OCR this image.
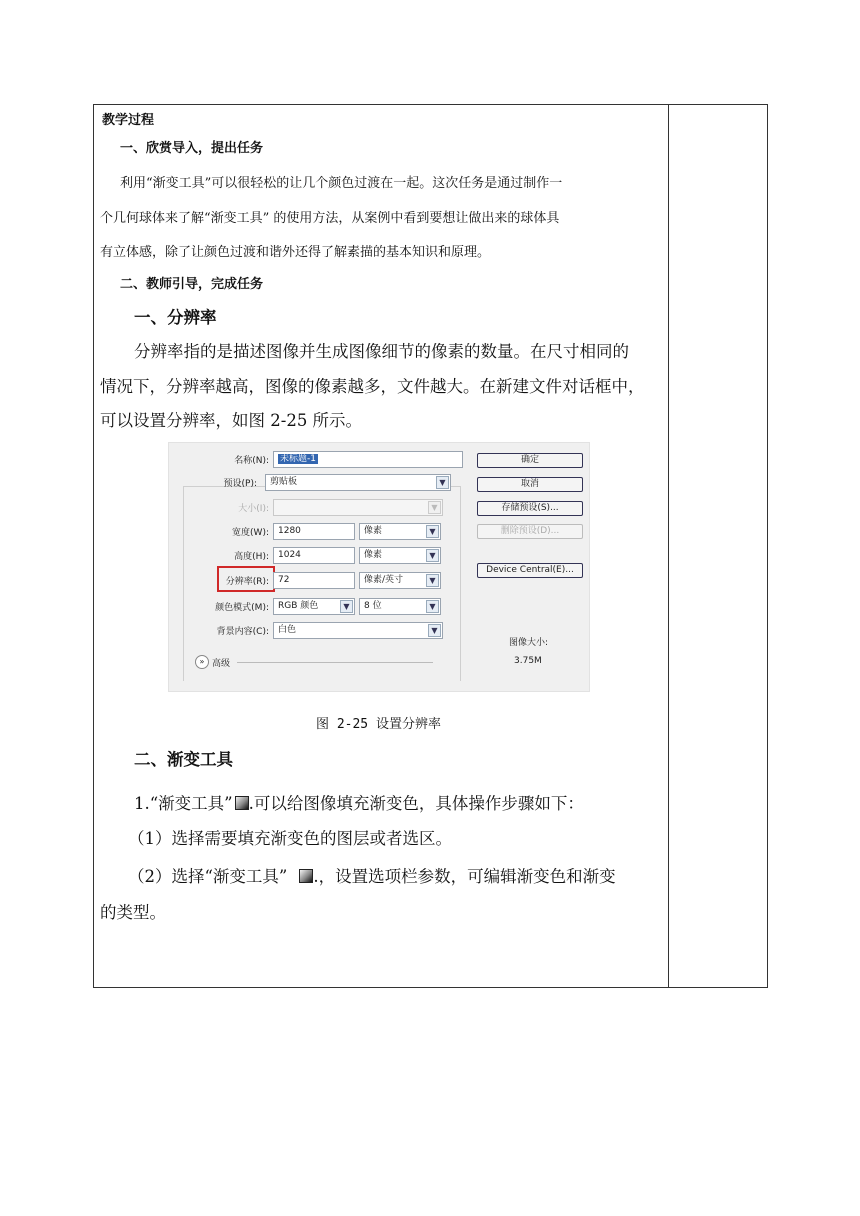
教学过程
一、欣赏导入，提出任务
利用“渐变工具”可以很轻松的让几个颜色过渡在一起。这次任务是通过制作一
个几何球体来了解“渐变工具” 的使用方法，从案例中看到要想让做出来的球体具
有立体感，除了让颜色过渡和谐外还得了解素描的基本知识和原理。
二、教师引导，完成任务
一、分辨率
分辨率指的是描述图像并生成图像细节的像素的数量。在尺寸相同的
情况下，分辨率越高，图像的像素越多，文件越大。在新建文件对话框中，
可以设置分辨率，如图 2-25 所示。
名称(N):	未标题-1
预设(P):	剪贴板	▼
大小(I):	▼
宽度(W):	1280	像素	▼
高度(H):	1024	像素	▼
分辨率(R):	72	像素/英寸	▼
颜色模式(M):	RGB 颜色	▼	8 位	▼
背景内容(C):	白色	▼
» 高级
确定
取消
存储预设(S)...
删除预设(D)...
Device Central(E)...
图像大小:
3.75M
图 2-25 设置分辨率
二、渐变工具
1.“渐变工具” .可以给图像填充渐变色，具体操作步骤如下：
（1）选择需要填充渐变色的图层或者选区。
（2）选择“渐变工具” .，设置选项栏参数，可编辑渐变色和渐变
的类型。
